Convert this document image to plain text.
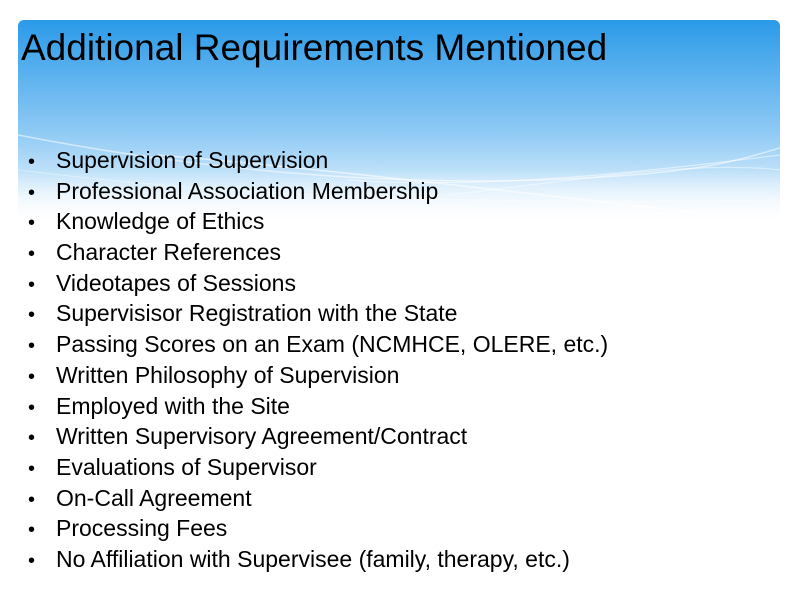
Additional Requirements Mentioned
• Supervision of Supervision
• Professional Association Membership
• Knowledge of Ethics
• Character References
• Videotapes of Sessions
• Supervisisor Registration with the State
• Passing Scores on an Exam (NCMHCE, OLERE, etc.)
• Written Philosophy of Supervision
• Employed with the Site
• Written Supervisory Agreement/Contract
• Evaluations of Supervisor
• On-Call Agreement
• Processing Fees
• No Affiliation with Supervisee (family, therapy, etc.)
